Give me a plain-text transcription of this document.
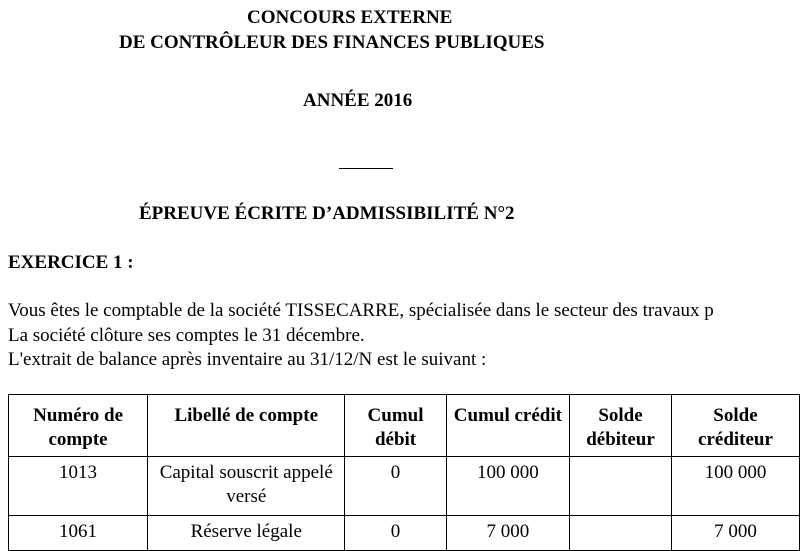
CONCOURS EXTERNE
DE CONTRÔLEUR DES FINANCES PUBLIQUES
ANNÉE 2016
ÉPREUVE ÉCRITE D’ADMISSIBILITÉ N°2
EXERCICE 1 :
Vous êtes le comptable de la société TISSECARRE, spécialisée dans le secteur des travaux p
La société clôture ses comptes le 31 décembre.
L'extrait de balance après inventaire au 31/12/N est le suivant :
Numéro de compte	Libellé de compte	Cumul débit	Cumul crédit	Solde débiteur	Solde créditeur
1013	Capital souscrit appelé versé	0	100 000		100 000
1061	Réserve légale	0	7 000		7 000
